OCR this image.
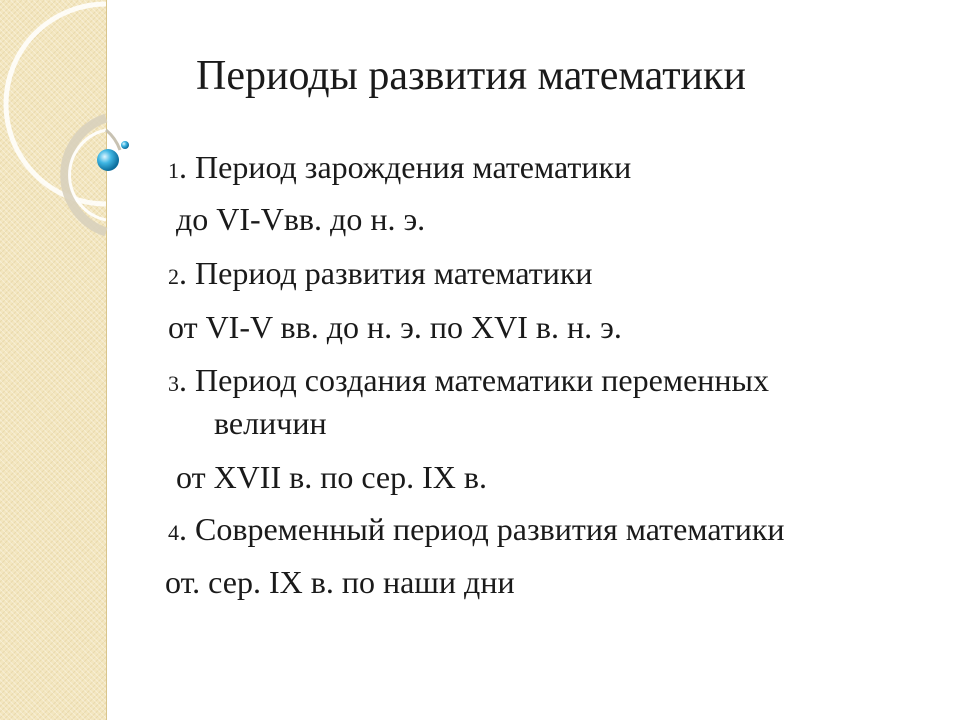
Периоды развития математики
1. Период зарождения математики
до VI-Vвв. до н. э.
2. Период развития математики
от VI-V вв. до н. э. по XVI в. н. э.
3. Период создания математики переменных
величин
от XVII в. по сер. IX в.
4. Современный период развития математики
от. сер. IX в. по наши дни
